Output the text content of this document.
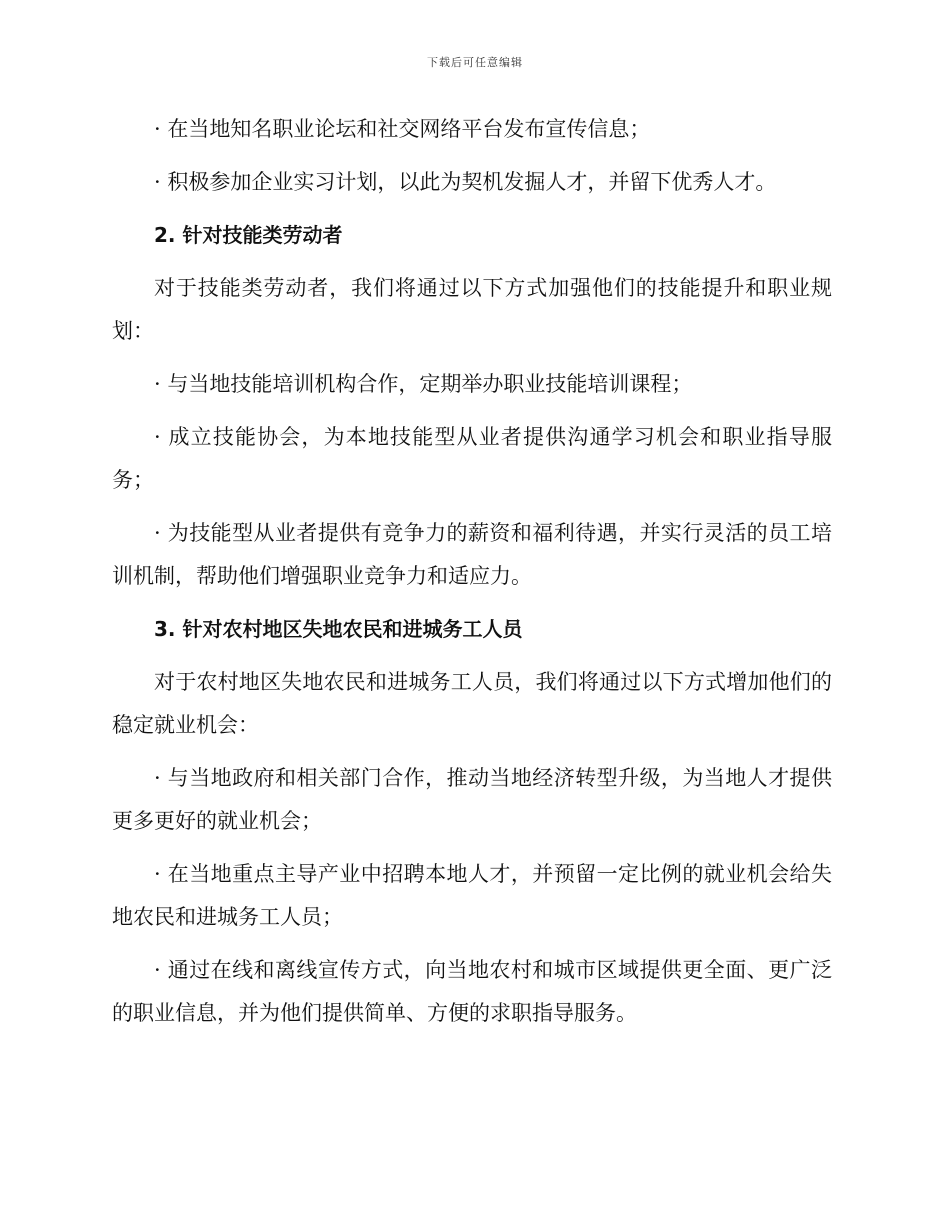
下载后可任意编辑

· 在当地知名职业论坛和社交网络平台发布宣传信息；

· 积极参加企业实习计划，以此为契机发掘人才，并留下优秀人才。

2. 针对技能类劳动者

对于技能类劳动者，我们将通过以下方式加强他们的技能提升和职业规划：

· 与当地技能培训机构合作，定期举办职业技能培训课程；

· 成立技能协会，为本地技能型从业者提供沟通学习机会和职业指导服务；

· 为技能型从业者提供有竞争力的薪资和福利待遇，并实行灵活的员工培训机制，帮助他们增强职业竞争力和适应力。

3. 针对农村地区失地农民和进城务工人员

对于农村地区失地农民和进城务工人员，我们将通过以下方式增加他们的稳定就业机会：

· 与当地政府和相关部门合作，推动当地经济转型升级，为当地人才提供更多更好的就业机会；

· 在当地重点主导产业中招聘本地人才，并预留一定比例的就业机会给失地农民和进城务工人员；

· 通过在线和离线宣传方式，向当地农村和城市区域提供更全面、更广泛的职业信息，并为他们提供简单、方便的求职指导服务。
